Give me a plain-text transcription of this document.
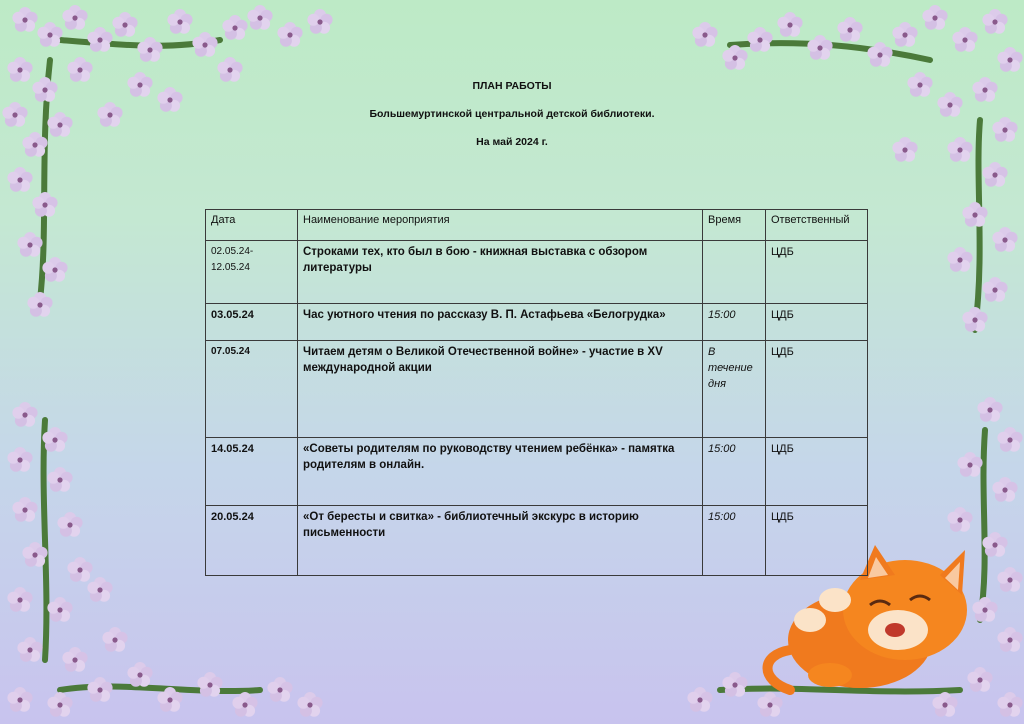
ПЛАН РАБОТЫ
Большемуртинской центральной детской библиотеки.
На май 2024 г.
Дата	Наименование мероприятия	Время	Ответственный
02.05.24-
12.05.24	Строками тех, кто был в бою - книжная выставка с обзором литературы		ЦДБ
03.05.24	Час уютного чтения по рассказу В. П. Астафьева «Белогрудка»	15:00	ЦДБ
07.05.24	Читаем детям о Великой Отечественной войне» - участие в XV международной акции	В течение дня	ЦДБ
14.05.24	«Советы родителям по руководству чтением ребёнка» - памятка родителям в онлайн.	15:00	ЦДБ
20.05.24	«От бересты и свитка» - библиотечный экскурс в историю письменности	15:00	ЦДБ
